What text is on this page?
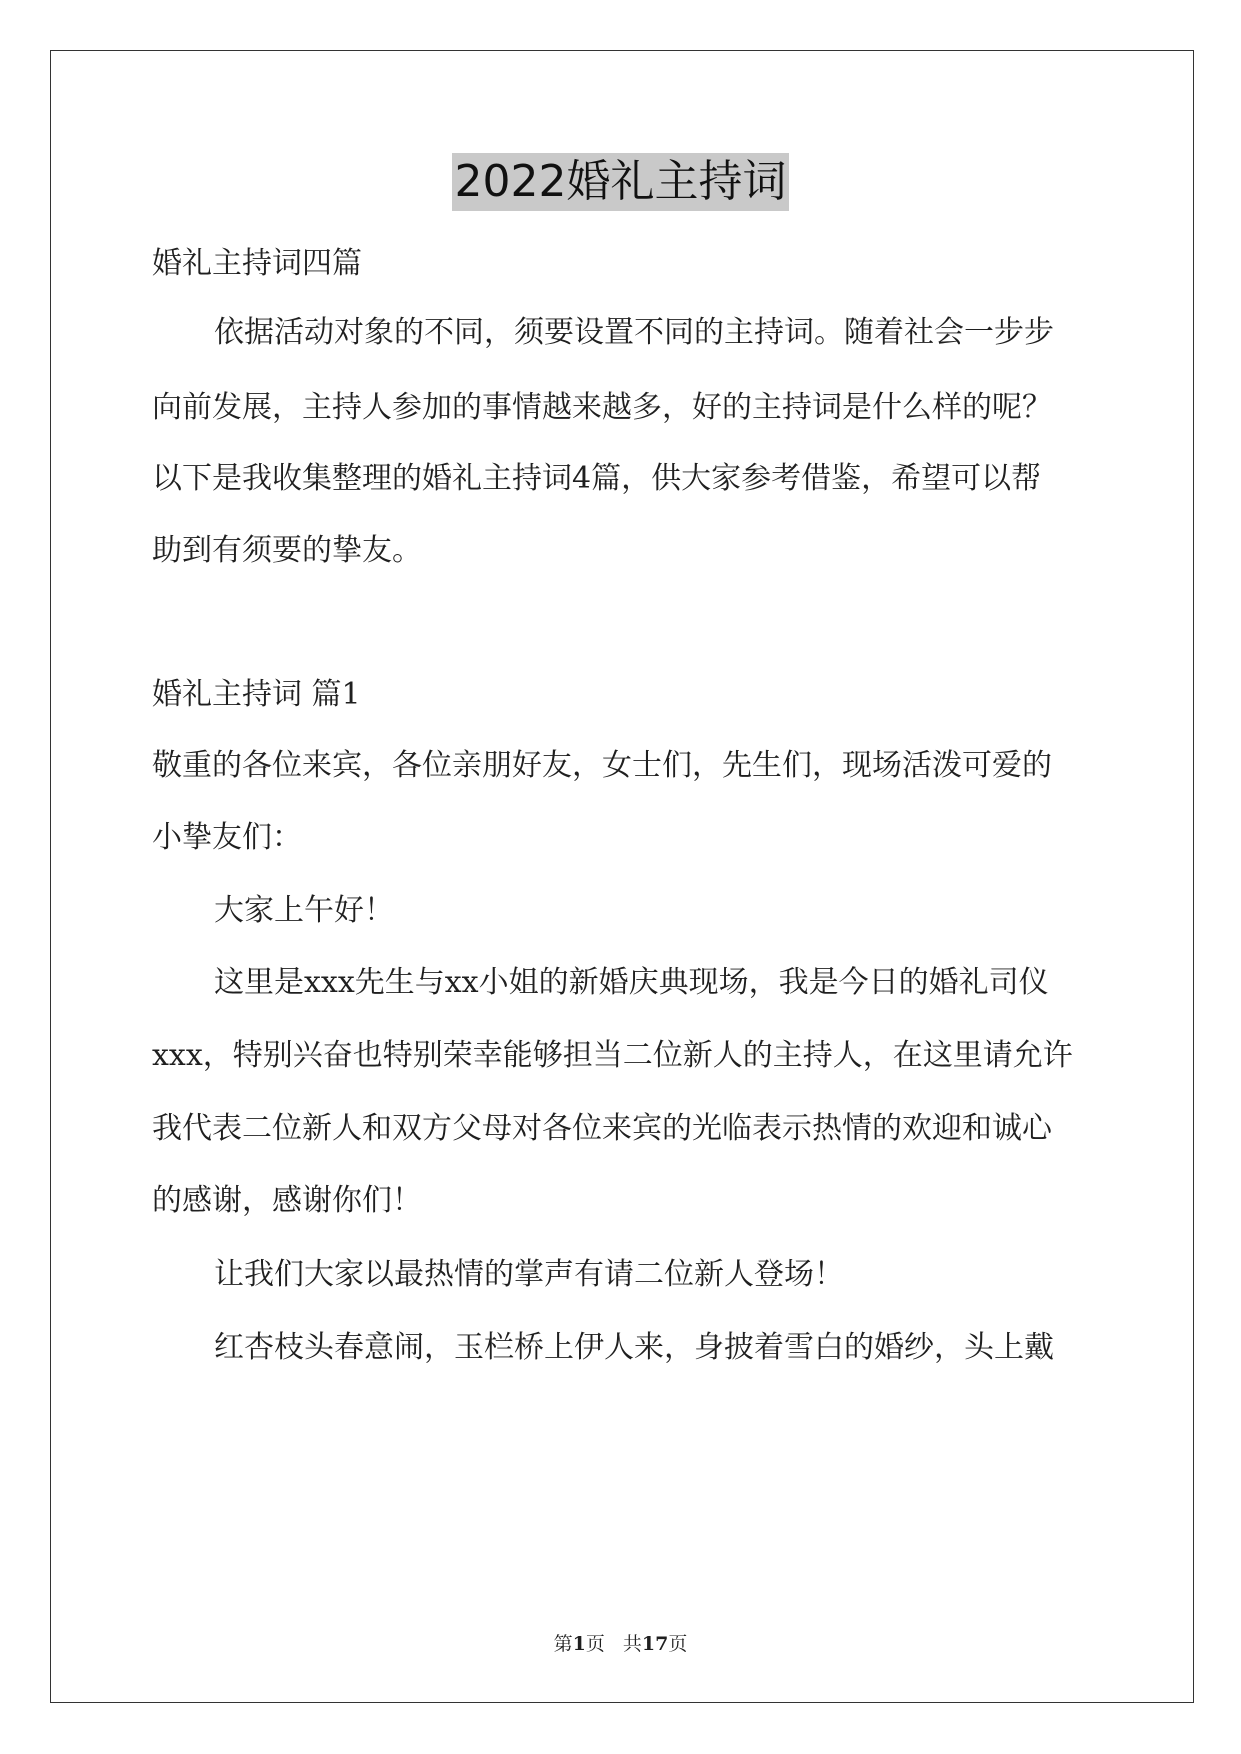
2022婚礼主持词
婚礼主持词四篇
依据活动对象的不同，须要设置不同的主持词。随着社会一步步
向前发展，主持人参加的事情越来越多，好的主持词是什么样的呢？
以下是我收集整理的婚礼主持词4篇，供大家参考借鉴，希望可以帮
助到有须要的挚友。
婚礼主持词 篇1
敬重的各位来宾，各位亲朋好友，女士们，先生们，现场活泼可爱的
小挚友们：
大家上午好！
这里是xxx先生与xx小姐的新婚庆典现场，我是今日的婚礼司仪
xxx，特别兴奋也特别荣幸能够担当二位新人的主持人，在这里请允许
我代表二位新人和双方父母对各位来宾的光临表示热情的欢迎和诚心
的感谢，感谢你们！
让我们大家以最热情的掌声有请二位新人登场！
红杏枝头春意闹，玉栏桥上伊人来，身披着雪白的婚纱，头上戴
第1页 共17页
